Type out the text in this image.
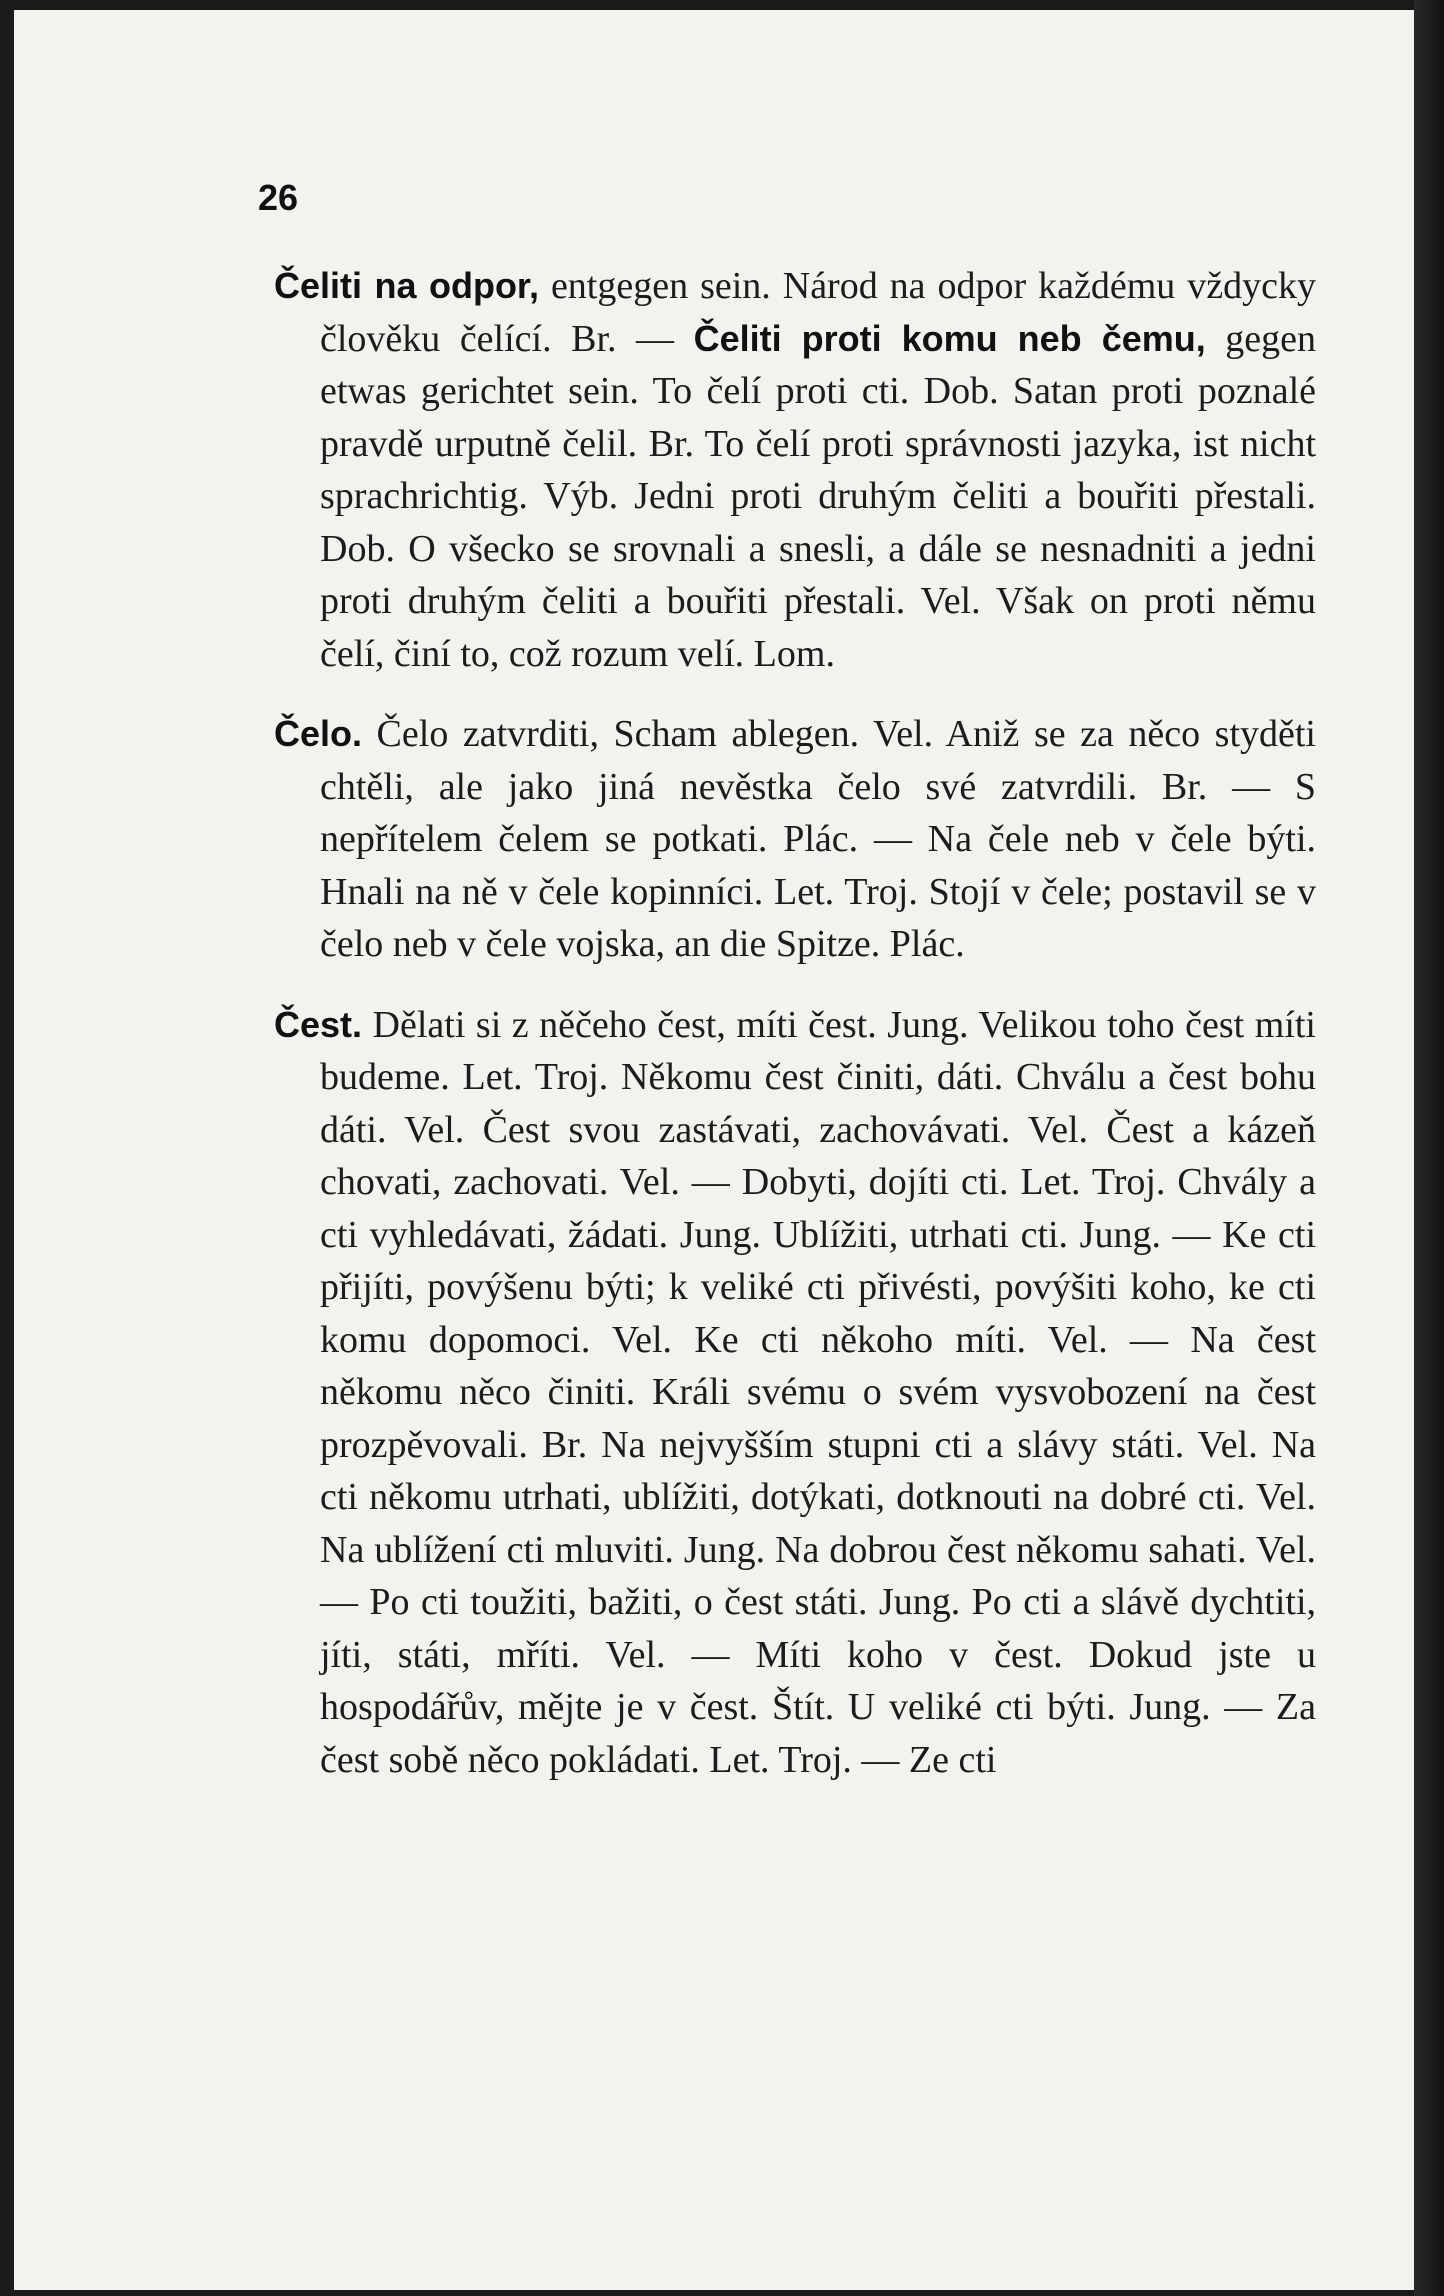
26

Čeliti na odpor, entgegen sein. Národ na odpor každému vždycky člověku čelící. Br. — Čeliti proti komu neb čemu, gegen etwas gerichtet sein. To čelí proti cti. Dob. Satan proti poznalé pravdě urputně čelil. Br. To čelí proti správnosti jazyka, ist nicht sprachrichtig. Výb. Jedni proti druhým čeliti a bouřiti přestali. Dob. O všecko se srovnali a snesli, a dále se nesnadniti a jedni proti druhým čeliti a bouřiti přestali. Vel. Však on proti němu čelí, činí to, což rozum velí. Lom.

Čelo. Čelo zatvrditi, Scham ablegen. Vel. Aniž se za něco styděti chtěli, ale jako jiná nevěstka čelo své zatvrdili. Br. — S nepřítelem čelem se potkati. Plác. — Na čele neb v čele býti. Hnali na ně v čele kopinníci. Let. Troj. Stojí v čele; postavil se v čelo neb v čele vojska, an die Spitze. Plác.

Čest. Dělati si z něčeho čest, míti čest. Jung. Velikou toho čest míti budeme. Let. Troj. Někomu čest činiti, dáti. Chválu a čest bohu dáti. Vel. Čest svou zastávati, zachovávati. Vel. Čest a kázeň chovati, zachovati. Vel. — Dobyti, dojíti cti. Let. Troj. Chvály a cti vyhledávati, žádati. Jung. Ublížiti, utrhati cti. Jung. — Ke cti přijíti, povýšenu býti; k veliké cti přivésti, povýšiti koho, ke cti komu dopomoci. Vel. Ke cti někoho míti. Vel. — Na čest někomu něco činiti. Králi svému o svém vysvobození na čest prozpěvovali. Br. Na nejvyšším stupni cti a slávy státi. Vel. Na cti někomu utrhati, ublížiti, dotýkati, dotknouti na dobré cti. Vel. Na ublížení cti mluviti. Jung. Na dobrou čest někomu sahati. Vel. — Po cti toužiti, bažiti, o čest státi. Jung. Po cti a slávě dychtiti, jíti, státi, mříti. Vel. — Míti koho v čest. Dokud jste u hospodářův, mějte je v čest. Štít. U veliké cti býti. Jung. — Za čest sobě něco pokládati. Let. Troj. — Ze cti
